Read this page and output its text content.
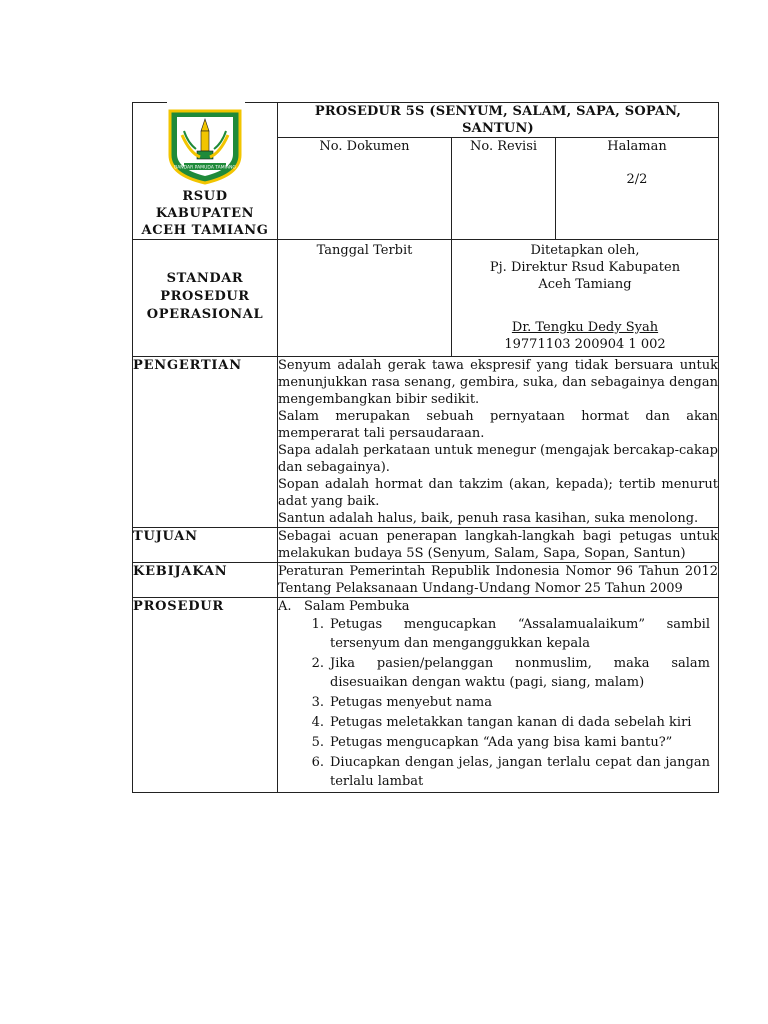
BANDAR PAMUDA TAMIANG
RSUD KABUPATEN ACEH TAMIANG

PROSEDUR 5S (SENYUM, SALAM, SAPA, SOPAN, SANTUN)
No. Dokumen	No. Revisi	Halaman
2/2

STANDAR PROSEDUR OPERASIONAL
	Tanggal Terbit	Ditetapkan oleh,
Pj. Direktur Rsud Kabupaten Aceh Tamiang
Dr. Tengku Dedy Syah
19771103 200904 1 002

PENGERTIAN	Senyum adalah gerak tawa ekspresif yang tidak bersuara untuk menunjukkan rasa senang, gembira, suka, dan sebagainya dengan mengembangkan bibir sedikit.

Salam merupakan sebuah pernyataan hormat dan akan memperarat tali persaudaraan.

Sapa adalah perkataan untuk menegur (mengajak bercakap-cakap dan sebagainya).

Sopan adalah hormat dan takzim (akan, kepada); tertib menurut adat yang baik.

Santun adalah halus, baik, penuh rasa kasihan, suka menolong.

TUJUAN	Sebagai acuan penerapan langkah-langkah bagi petugas untuk melakukan budaya 5S (Senyum, Salam, Sapa, Sopan, Santun)
KEBIJAKAN	Peraturan Pemerintah Republik Indonesia Nomor 96 Tahun 2012 Tentang Pelaksanaan Undang-Undang Nomor 25 Tahun 2009
PROSEDUR	A. Salam Pembuka
1. Petugas mengucapkan “Assalamualaikum” sambil tersenyum dan menganggukkan kepala
2. Jika pasien/pelanggan nonmuslim, maka salam disesuaikan dengan waktu (pagi, siang, malam)
3. Petugas menyebut nama
4. Petugas meletakkan tangan kanan di dada sebelah kiri
5. Petugas mengucapkan “Ada yang bisa kami bantu?”
6. Diucapkan dengan jelas, jangan terlalu cepat dan jangan terlalu lambat
